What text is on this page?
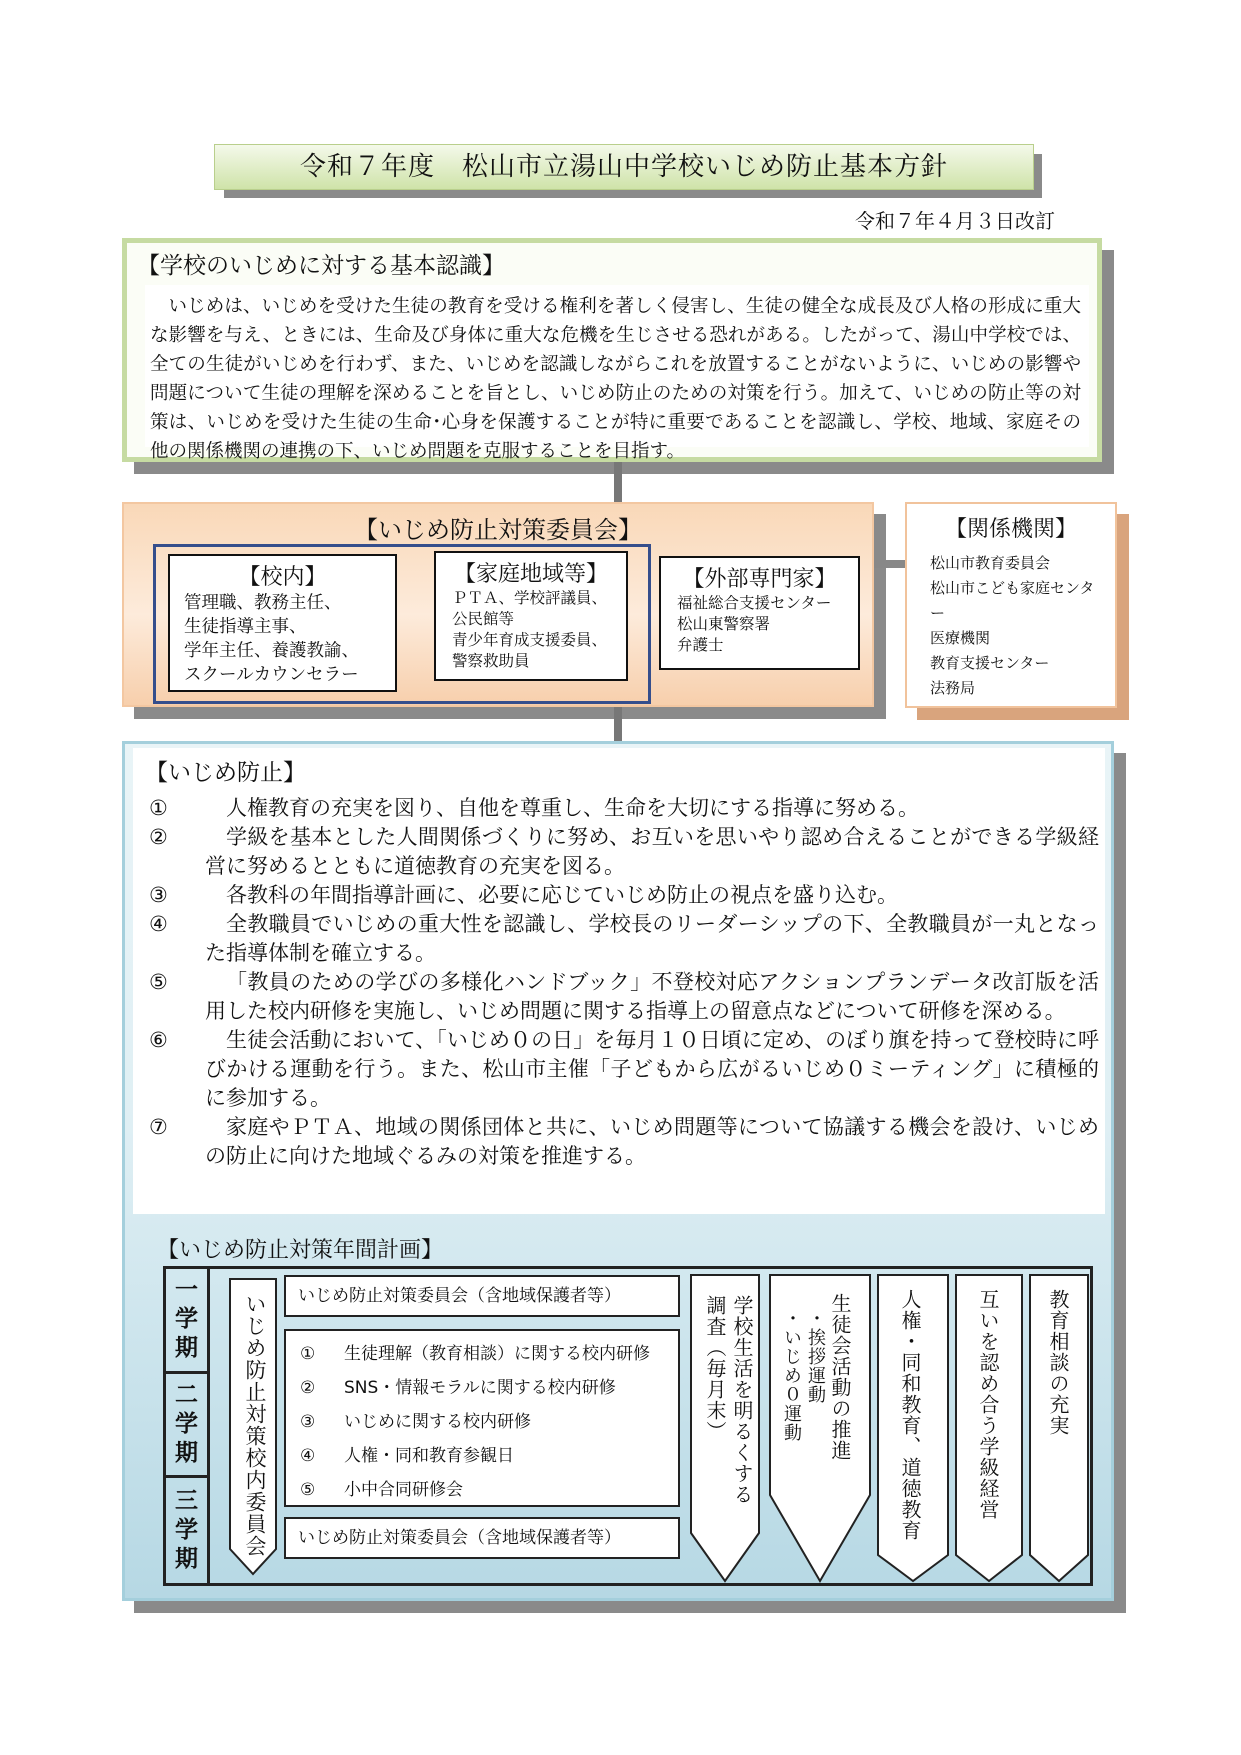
令和７年度　松山市立湯山中学校いじめ防止基本方針
令和７年４月３日改訂
【学校のいじめに対する基本認識】
いじめは、いじめを受けた生徒の教育を受ける権利を著しく侵害し、生徒の健全な成長及び人格の形成に重大な影響を与え、ときには、生命及び身体に重大な危機を生じさせる恐れがある。したがって、湯山中学校では、全ての生徒がいじめを行わず、また、いじめを認識しながらこれを放置することがないように、いじめの影響や問題について生徒の理解を深めることを旨とし、いじめ防止のための対策を行う。加えて、いじめの防止等の対策は、いじめを受けた生徒の生命･心身を保護することが特に重要であることを認識し、学校、地域、家庭その他の関係機関の連携の下、いじめ問題を克服することを目指す。
【いじめ防止対策委員会】
【校内】
管理職、教務主任、
生徒指導主事、
学年主任、養護教諭、
スクールカウンセラー
【家庭地域等】
ＰＴＡ、学校評議員、
公民館等
青少年育成支援委員、
警察救助員
【外部専門家】
福祉総合支援センター
松山東警察署
弁護士
【関係機関】
松山市教育委員会
松山市こども家庭センター
医療機関
教育支援センター
法務局
【いじめ防止】
①	人権教育の充実を図り、自他を尊重し、生命を大切にする指導に努める。
②	学級を基本とした人間関係づくりに努め、お互いを思いやり認め合えることができる学級経営に努めるとともに道徳教育の充実を図る。
③	各教科の年間指導計画に、必要に応じていじめ防止の視点を盛り込む。
④	全教職員でいじめの重大性を認識し、学校長のリーダーシップの下、全教職員が一丸となった指導体制を確立する。
⑤	「教員のための学びの多様化ハンドブック」不登校対応アクションプランデータ改訂版を活用した校内研修を実施し、いじめ問題に関する指導上の留意点などについて研修を深める。
⑥	生徒会活動において、「いじめ０の日」を毎月１０日頃に定め、のぼり旗を持って登校時に呼びかける運動を行う。また、松山市主催「子どもから広がるいじめ０ミーティング」に積極的に参加する。
⑦	家庭やＰＴＡ、地域の関係団体と共に、いじめ問題等について協議する機会を設け、いじめの防止に向けた地域ぐるみの対策を推進する。
【いじめ防止対策年間計画】
一
学
期
二
学
期
三
学
期
いじめ防止対策校内委員会	いじめ防止対策委員会（含地域保護者等）
① 生徒理解（教育相談）に関する校内研修
② SNS・情報モラルに関する校内研修
③ いじめに関する校内研修
④ 人権・同和教育参観日
⑤ 小中合同研修会
いじめ防止対策委員会（含地域保護者等）
学校生活を明るくする
調査（毎月末）	生徒会活動の推進
・挨拶運動
・いじめ０運動	人権・同和教育、道徳教育	互いを認め合う学級経営 教育相談の充実
